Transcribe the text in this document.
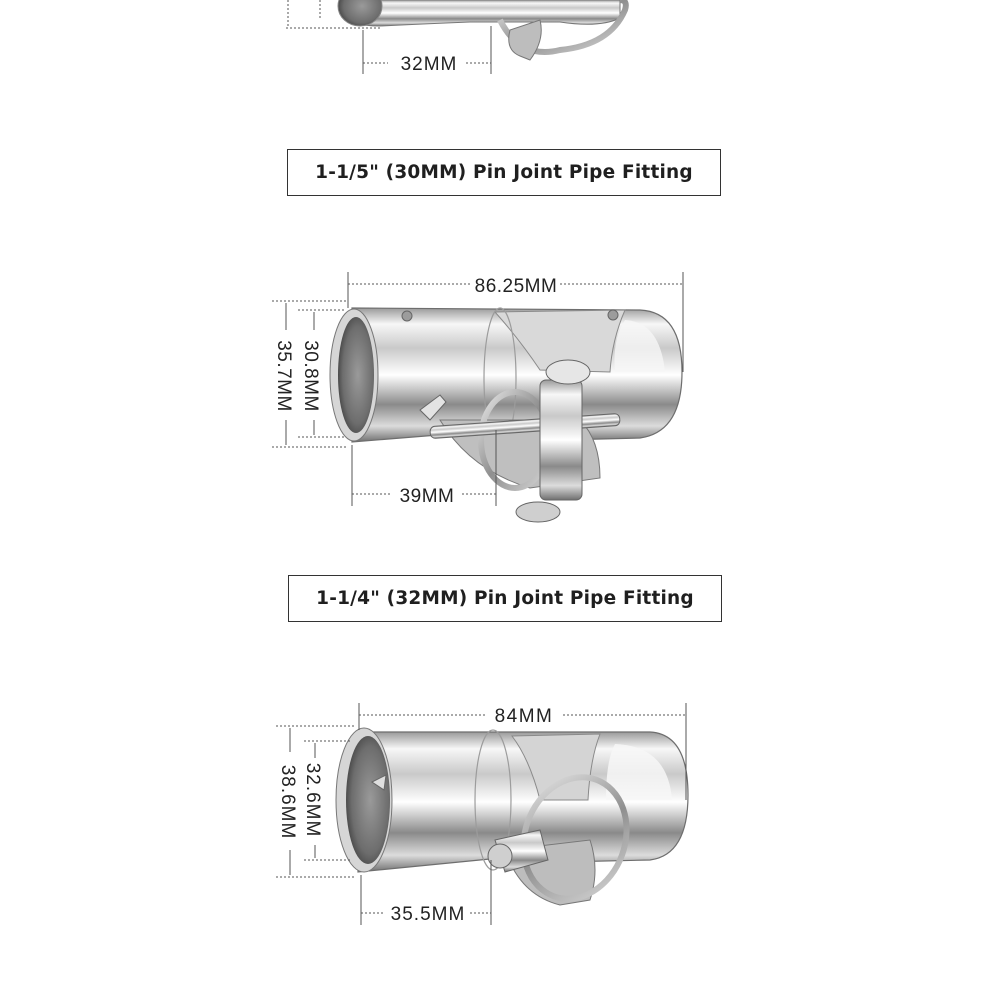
32MM
86.25MM
30.8MM
35.7MM
39MM
84MM
32.6MM
38.6MM
35.5MM
1-1/5" (30MM) Pin Joint Pipe Fitting
1-1/4" (32MM) Pin Joint Pipe Fitting
